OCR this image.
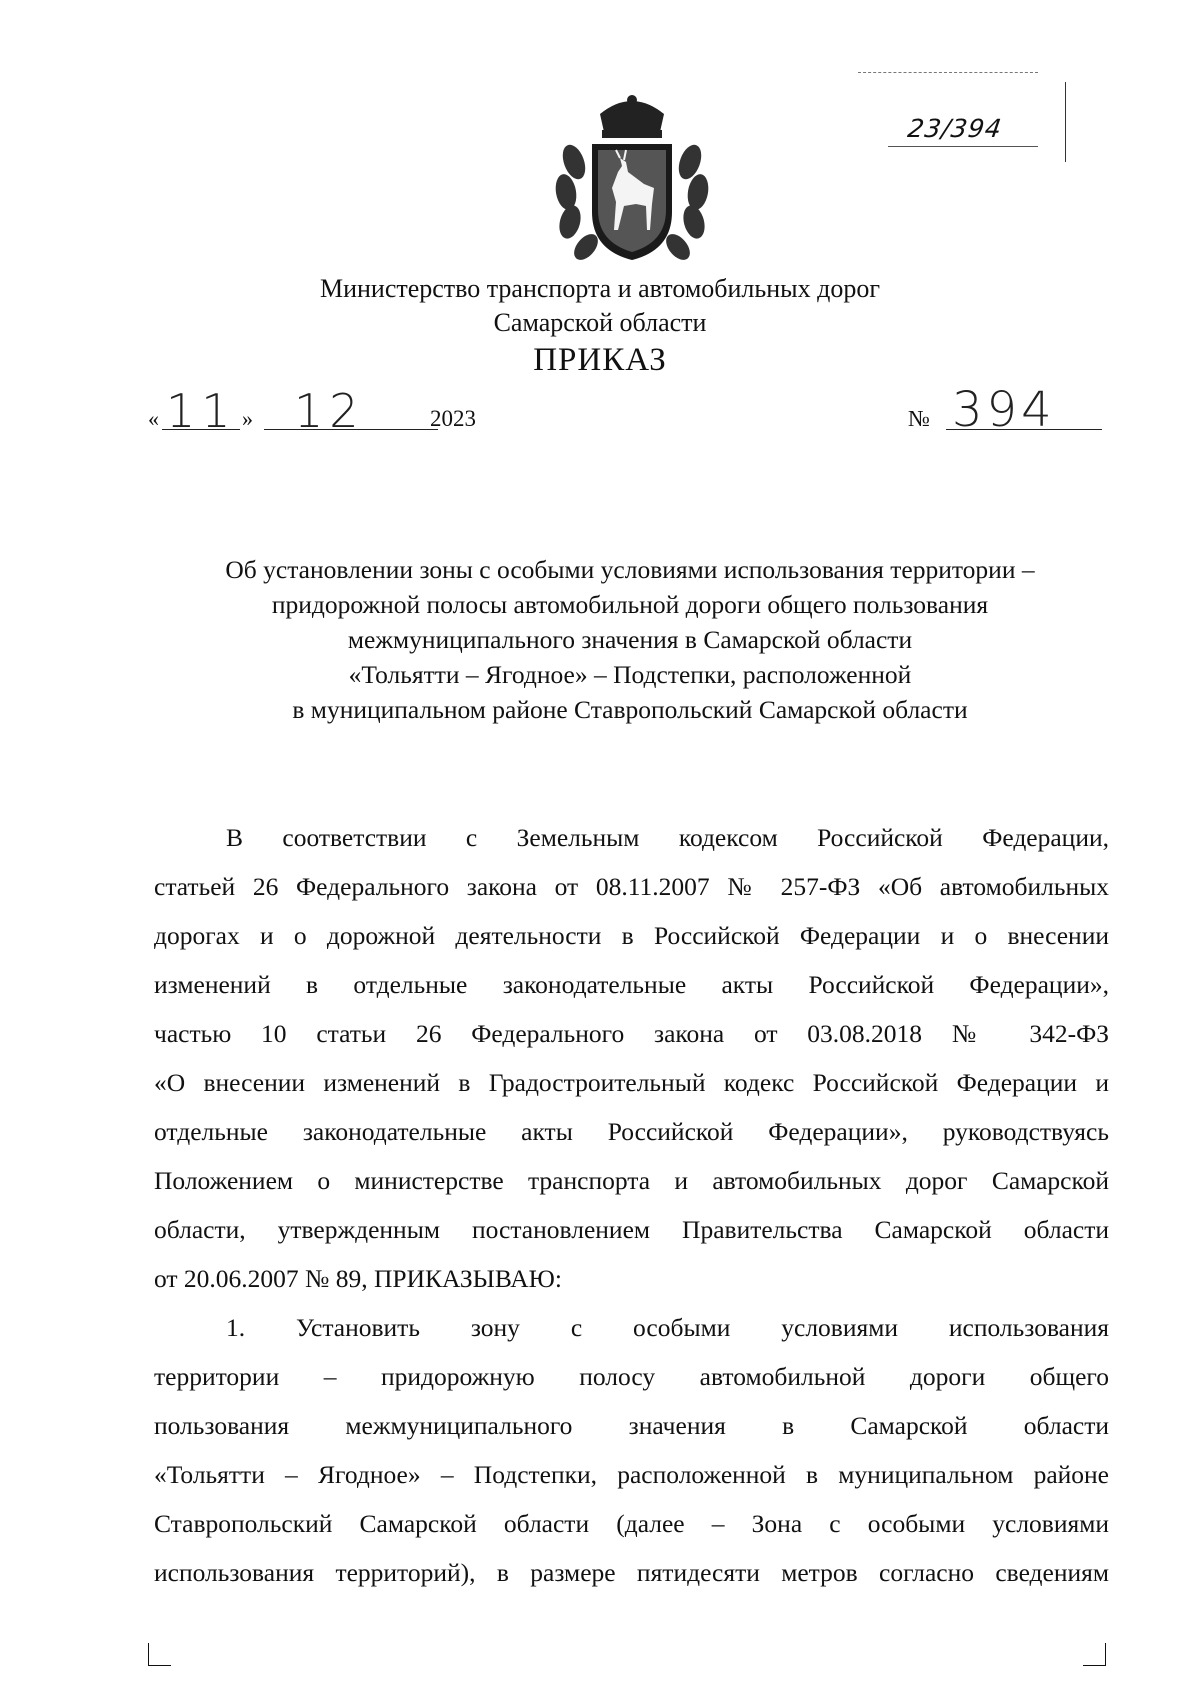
23/394
Министерство транспорта и автомобильных дорог
Самарской области
ПРИКАЗ
« 11 » 12	2023	№ 394
Об установлении зоны с особыми условиями использования территории –
придорожной полосы автомобильной дороги общего пользования
межмуниципального значения в Самарской области
«Тольятти – Ягодное» – Подстепки, расположенной
в муниципальном районе Ставропольский Самарской области
В соответствии с Земельным кодексом Российской Федерации,
статьей 26 Федерального закона от 08.11.2007 № 257-ФЗ «Об автомобильных
дорогах и о дорожной деятельности в Российской Федерации и о внесении
изменений в отдельные законодательные акты Российской Федерации»,
частью 10 статьи 26 Федерального закона от 03.08.2018 № 342-ФЗ
«О внесении изменений в Градостроительный кодекс Российской Федерации и
отдельные законодательные акты Российской Федерации», руководствуясь
Положением о министерстве транспорта и автомобильных дорог Самарской
области, утвержденным постановлением Правительства Самарской области
от 20.06.2007 № 89, ПРИКАЗЫВАЮ:
1. Установить зону с особыми условиями использования
территории – придорожную полосу автомобильной дороги общего
пользования межмуниципального значения в Самарской области
«Тольятти – Ягодное» – Подстепки, расположенной в муниципальном районе
Ставропольский Самарской области (далее – Зона с особыми условиями
использования территорий), в размере пятидесяти метров согласно сведениям
